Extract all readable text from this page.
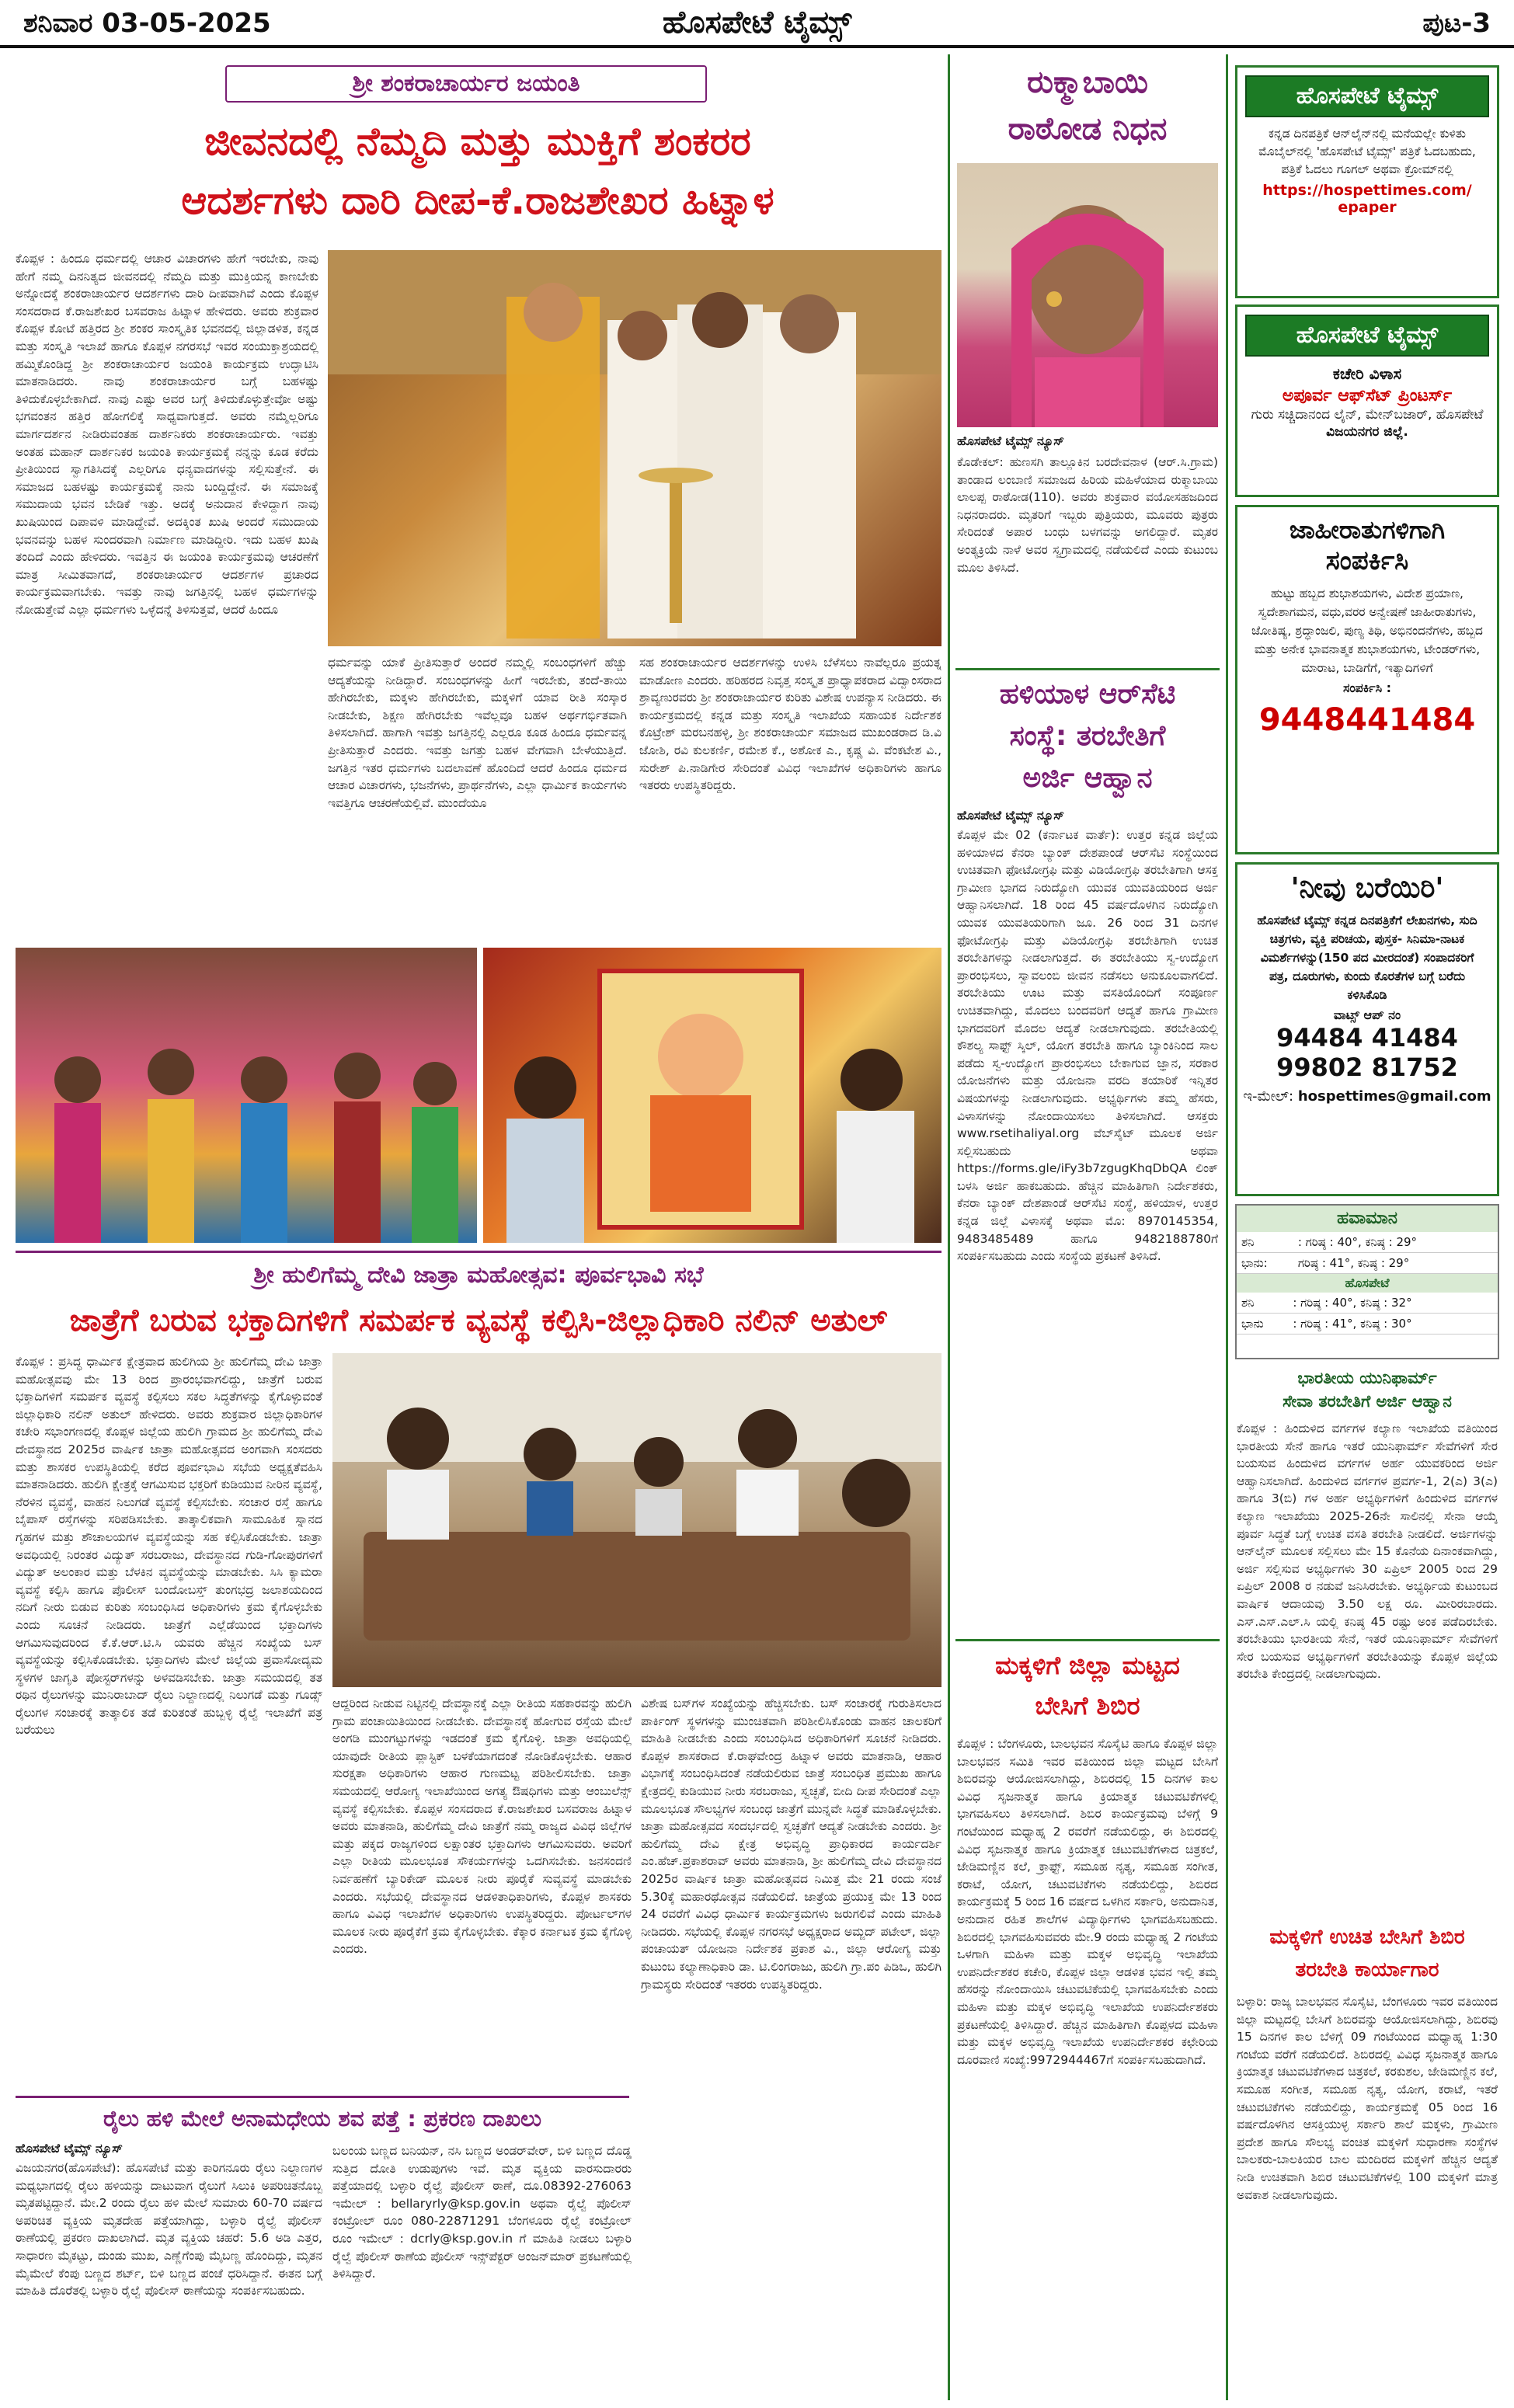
ಹೊಸಪೇಟೆ ಟೈಮ್ಸ್
ಶನಿವಾರ 03-05-2025	ಪುಟ-3
ಶ್ರೀ ಶಂಕರಾಚಾರ್ಯರ ಜಯಂತಿ
ಜೀವನದಲ್ಲಿ ನೆಮ್ಮದಿ ಮತ್ತು ಮುಕ್ತಿಗೆ ಶಂಕರರ
ಆದರ್ಶಗಳು ದಾರಿ ದೀಪ-ಕೆ.ರಾಜಶೇಖರ ಹಿಟ್ನಾಳ

ಕೊಪ್ಪಳ : ಹಿಂದೂ ಧರ್ಮದಲ್ಲಿ ಆಚಾರ ವಿಚಾರಗಳು ಹೇಗೆ ಇರಬೇಕು, ನಾವು ಹೇಗೆ ನಮ್ಮ ದಿನನಿತ್ಯದ ಜೀವನದಲ್ಲಿ ನೆಮ್ಮದಿ ಮತ್ತು ಮುಕ್ತಿಯನ್ನ ಕಾಣಬೇಕು ಅನ್ನೋದಕ್ಕೆ ಶಂಕರಾಚಾರ್ಯರ ಆದರ್ಶಗಳು ದಾರಿ ದೀಪವಾಗಿವೆ ಎಂದು ಕೊಪ್ಪಳ ಸಂಸದರಾದ ಕೆ.ರಾಜಶೇಖರ ಬಸವರಾಜ ಹಿಟ್ನಾಳ ಹೇಳಿದರು. ಅವರು ಶುಕ್ರವಾರ ಕೊಪ್ಪಳ ಕೋಟೆ ಹತ್ತಿರದ ಶ್ರೀ ಶಂಕರ ಸಾಂಸ್ಕೃತಿಕ ಭವನದಲ್ಲಿ ಜಿಲ್ಲಾಡಳಿತ, ಕನ್ನಡ ಮತ್ತು ಸಂಸ್ಕೃತಿ ಇಲಾಖೆ ಹಾಗೂ ಕೊಪ್ಪಳ ನಗರಸಭೆ ಇವರ ಸಂಯುಕ್ತಾಶ್ರಯದಲ್ಲಿ ಹಮ್ಮಿಕೊಂಡಿದ್ದ ಶ್ರೀ ಶಂಕರಾಚಾರ್ಯರ ಜಯಂತಿ ಕಾರ್ಯಕ್ರಮ ಉದ್ಘಾಟಿಸಿ ಮಾತನಾಡಿದರು. ನಾವು ಶಂಕರಾಚಾರ್ಯರ ಬಗ್ಗೆ ಬಹಳಷ್ಟು ತಿಳಿದುಕೊಳ್ಳಬೇಕಾಗಿದೆ. ನಾವು ಎಷ್ಟು ಅವರ ಬಗ್ಗೆ ತಿಳಿದುಕೊಳ್ಳುತ್ತೇವೋ ಅಷ್ಟು ಭಗವಂತನ ಹತ್ತಿರ ಹೋಗಲಿಕ್ಕೆ ಸಾಧ್ಯವಾಗುತ್ತದೆ. ಅವರು ನಮ್ಮೆಲ್ಲರಿಗೂ ಮಾರ್ಗದರ್ಶನ ನೀಡಿರುವಂತಹ ದಾರ್ಶನಿಕರು ಶಂಕರಾಚಾರ್ಯರು. ಇವತ್ತು ಅಂತಹ ಮಹಾನ್ ದಾರ್ಶನಿಕರ ಜಯಂತಿ ಕಾರ್ಯಕ್ರಮಕ್ಕೆ ನನ್ನನ್ನು ಕೂಡ ಕರೆದು ಪ್ರೀತಿಯಿಂದ ಸ್ವಾಗತಿಸಿದಕ್ಕೆ ಎಲ್ಲರಿಗೂ ಧನ್ಯವಾದಗಳನ್ನು ಸಲ್ಲಿಸುತ್ತೇನೆ. ಈ ಸಮಾಜದ ಬಹಳಷ್ಟು ಕಾರ್ಯಕ್ರಮಕ್ಕೆ ನಾನು ಬಂದ್ದಿದ್ದೇನೆ. ಈ ಸಮಾಜಕ್ಕೆ ಸಮುದಾಯ ಭವನ ಬೇಡಿಕೆ ಇತ್ತು. ಅದಕ್ಕೆ ಅನುದಾನ ಕೇಳಿದ್ದಾಗ ನಾವು ಖುಷಿಯಿಂದ ದಿಪಾವಳಿ ಮಾಡಿದ್ದೇವೆ. ಅದಕ್ಕಿಂತ ಖುಷಿ ಅಂದರೆ ಸಮುದಾಯ ಭವನವನ್ನು ಬಹಳ ಸುಂದರವಾಗಿ ನಿರ್ಮಾಣ ಮಾಡಿದ್ದೀರಿ. ಇದು ಬಹಳ ಖುಷಿ ತಂದಿದೆ ಎಂದು ಹೇಳಿದರು. ಇವತ್ತಿನ ಈ ಜಯಂತಿ ಕಾರ್ಯಕ್ರಮವು ಆಚರಣೆಗೆ ಮಾತ್ರ ಸೀಮಿತವಾಗದೆ, ಶಂಕರಾಚಾರ್ಯರ ಆದರ್ಶಗಳ ಪ್ರಚಾರದ ಕಾರ್ಯಕ್ರಮವಾಗಬೇಕು. ಇವತ್ತು ನಾವು ಜಗತ್ತಿನಲ್ಲಿ ಬಹಳ ಧರ್ಮಗಳನ್ನು ನೋಡುತ್ತೇವೆ ಎಲ್ಲಾ ಧರ್ಮಗಳು ಒಳ್ಳೆದನ್ನೆ ತಿಳಿಸುತ್ತವೆ, ಆದರೆ ಹಿಂದೂ

ಧರ್ಮವನ್ನು ಯಾಕೆ ಪ್ರೀತಿಸುತ್ತಾರೆ ಅಂದರೆ ನಮ್ಮಲ್ಲಿ ಸಂಬಂಧಗಳಿಗೆ ಹೆಚ್ಚು ಆದ್ಯತೆಯನ್ನು ನೀಡಿದ್ದಾರೆ. ಸಂಬಂಧಗಳನ್ನು ಹೀಗೆ ಇರಬೇಕು, ತಂದೆ-ತಾಯಿ ಹೇಗಿರಬೇಕು, ಮಕ್ಕಳು ಹೇಗಿರಬೇಕು, ಮಕ್ಕಳಿಗೆ ಯಾವ ರೀತಿ ಸಂಸ್ಕಾರ ನೀಡಬೇಕು, ಶಿಕ್ಷಣ ಹೇಗಿರಬೇಕು ಇವೆಲ್ಲವೂ ಬಹಳ ಅರ್ಥಗರ್ಭಿತವಾಗಿ ತಿಳಿಸಲಾಗಿದೆ. ಹಾಗಾಗಿ ಇವತ್ತು ಜಗತ್ತಿನಲ್ಲಿ ಎಲ್ಲರೂ ಕೂಡ ಹಿಂದೂ ಧರ್ಮವನ್ನ ಪ್ರೀತಿಸುತ್ತಾರೆ ಎಂದರು. ಇವತ್ತು ಜಗತ್ತು ಬಹಳ ವೇಗವಾಗಿ ಬೇಳೆಯುತ್ತಿದೆ. ಜಗತ್ತಿನ ಇತರ ಧರ್ಮಗಳು ಬದಲಾವಣೆ ಹೊಂದಿದೆ ಆದರೆ ಹಿಂದೂ ಧರ್ಮದ ಆಚಾರ ವಿಚಾರಗಳು, ಭಜನೆಗಳು, ಪ್ರಾರ್ಥನೆಗಳು, ಎಲ್ಲಾ ಧಾರ್ಮಿಕ ಕಾರ್ಯಗಳು ಇವತ್ತಿಗೂ ಆಚರಣೆಯಲ್ಲಿವೆ. ಮುಂದೆಯೂ

ಸಹ ಶಂಕರಾಚಾರ್ಯರ ಆದರ್ಶಗಳನ್ನು ಉಳಿಸಿ ಬೆಳೆಸಲು ನಾವೆಲ್ಲರೂ ಪ್ರಯತ್ನ ಮಾಡೋಣ ಎಂದರು. ಹರಿಹರದ ನಿವೃತ್ತ ಸಂಸ್ಕೃತ ಪ್ರಾಧ್ಯಾಪಕರಾದ ವಿದ್ವಾಂಸರಾದ ಶ್ರಾವ್ಯಣುರವರು ಶ್ರೀ ಶಂಕರಾಚಾರ್ಯರ ಕುರಿತು ವಿಶೇಷ ಉಪನ್ಯಾಸ ನೀಡಿದರು. ಈ ಕಾರ್ಯಕ್ರಮದಲ್ಲಿ ಕನ್ನಡ ಮತ್ತು ಸಂಸ್ಕೃತಿ ಇಲಾಖೆಯ ಸಹಾಯಕ ನಿರ್ದೇಶಕ ಕೊಟ್ರೇಶ್ ಮರಬನಹಳ್ಳಿ, ಶ್ರೀ ಶಂಕರಾಚಾರ್ಯ ಸಮಾಜದ ಮುಖಂಡರಾದ ಡಿ.ವಿ ಜೋಶಿ, ರವಿ ಕುಲಕರ್ಣಿ, ರಮೇಶ ಕೆ., ಅಶೋಕ ಎ., ಕೃಷ್ಣ ವಿ. ವೆಂಕಟೇಶ ವಿ., ಸುರೇಶ್ ಪಿ.ನಾಡಿಗೇರ ಸೇರಿದಂತೆ ವಿವಿಧ ಇಲಾಖೆಗಳ ಅಧಿಕಾರಿಗಳು ಹಾಗೂ ಇತರರು ಉಪಸ್ಥಿತರಿದ್ದರು.

ಶ್ರೀ ಹುಲಿಗೆಮ್ಮ ದೇವಿ ಜಾತ್ರಾ ಮಹೋತ್ಸವ: ಪೂರ್ವಭಾವಿ ಸಭೆ
ಜಾತ್ರೆಗೆ ಬರುವ ಭಕ್ತಾದಿಗಳಿಗೆ ಸಮರ್ಪಕ ವ್ಯವಸ್ಥೆ ಕಲ್ಪಿಸಿ-ಜಿಲ್ಲಾಧಿಕಾರಿ ನಲಿನ್ ಅತುಲ್

ಕೊಪ್ಪಳ : ಪ್ರಸಿದ್ಧ ಧಾರ್ಮಿಕ ಕ್ಷೇತ್ರವಾದ ಹುಲಿಗಿಯ ಶ್ರೀ ಹುಲಿಗೆಮ್ಮ ದೇವಿ ಜಾತ್ರಾ ಮಹೋತ್ಸವವು ಮೇ 13 ರಿಂದ ಪ್ರಾರಂಭವಾಗಲಿದ್ದು, ಜಾತ್ರೆಗೆ ಬರುವ ಭಕ್ತಾದಿಗಳಿಗೆ ಸಮರ್ಪಕ ವ್ಯವಸ್ಥೆ ಕಲ್ಪಿಸಲು ಸಕಲ ಸಿದ್ಧತೆಗಳನ್ನು ಕೈಗೊಳ್ಳುವಂತೆ ಜಿಲ್ಲಾಧಿಕಾರಿ ನಲಿನ್ ಅತುಲ್ ಹೇಳಿದರು. ಅವರು ಶುಕ್ರವಾರ ಜಿಲ್ಲಾಧಿಕಾರಿಗಳ ಕಚೇರಿ ಸಭಾಂಗಣದಲ್ಲಿ ಕೊಪ್ಪಳ ಜಿಲ್ಲೆಯ ಹುಲಿಗಿ ಗ್ರಾಮದ ಶ್ರೀ ಹುಲಿಗೆಮ್ಮ ದೇವಿ ದೇವಸ್ಥಾನದ 2025ರ ವಾರ್ಷಿಕ ಜಾತ್ರಾ ಮಹೋತ್ಸವದ ಅಂಗವಾಗಿ ಸಂಸದರು ಮತ್ತು ಶಾಸಕರ ಉಪಸ್ಥಿತಿಯಲ್ಲಿ ಕರೆದ ಪೂರ್ವಭಾವಿ ಸಭೆಯ ಅಧ್ಯಕ್ಷತೆವಹಿಸಿ ಮಾತನಾಡಿದರು. ಹುಲಿಗಿ ಕ್ಷೇತ್ರಕ್ಕೆ ಆಗಮಿಸುವ ಭಕ್ತರಿಗೆ ಕುಡಿಯುವ ನೀರಿನ ವ್ಯವಸ್ಥೆ, ನೆರಳಿನ ವ್ಯವಸ್ಥೆ, ವಾಹನ ನಿಲುಗಡೆ ವ್ಯವಸ್ಥೆ ಕಲ್ಪಿಸಬೇಕು. ಸಂಚಾರ ರಸ್ತೆ ಹಾಗೂ ಬೈಪಾಸ್ ರಸ್ತೆಗಳನ್ನು ಸರಿಪಡಿಸಬೇಕು. ತಾತ್ಕಾಲಿಕವಾಗಿ ಸಾಮೂಹಿಕ ಸ್ನಾನದ ಗೃಹಗಳ ಮತ್ತು ಶೌಚಾಲಯಗಳ ವ್ಯವಸ್ಥೆಯನ್ನು ಸಹ ಕಲ್ಪಿಸಿಕೊಡಬೇಕು. ಜಾತ್ರಾ ಅವಧಿಯಲ್ಲಿ ನಿರಂತರ ವಿದ್ಯುತ್ ಸರಬರಾಜು, ದೇವಸ್ಥಾನದ ಗುಡಿ-ಗೋಪುರಗಳಿಗೆ ವಿದ್ಯುತ್ ಅಲಂಕಾರ ಮತ್ತು ಬೆಳಕಿನ ವ್ಯವಸ್ಥೆಯನ್ನು ಮಾಡಬೇಕು. ಸಿಸಿ ಕ್ಯಾಮರಾ ವ್ಯವಸ್ಥೆ ಕಲ್ಪಿಸಿ ಹಾಗೂ ಪೊಲೀಸ್ ಬಂದೋಬಸ್ತ್ ತುಂಗಭದ್ರ ಜಲಾಶಯದಿಂದ ನದಿಗೆ ನೀರು ಬಿಡುವ ಕುರಿತು ಸಂಬಂಧಿಸಿದ ಅಧಿಕಾರಿಗಳು ಕ್ರಮ ಕೈಗೊಳ್ಳಬೇಕು ಎಂದು ಸೂಚನೆ ನೀಡಿದರು. ಜಾತ್ರೆಗೆ ಎಲ್ಲೆಡೆಯಿಂದ ಭಕ್ತಾದಿಗಳು ಆಗಮಿಸುವುದರಿಂದ ಕೆ.ಕೆ.ಆರ್.ಟಿ.ಸಿ ಯವರು ಹೆಚ್ಚಿನ ಸಂಖ್ಯೆಯ ಬಸ್ ವ್ಯವಸ್ಥೆಯನ್ನು ಕಲ್ಪಿಸಿಕೊಡಬೇಕು. ಭಕ್ತಾದಿಗಳು ಮೇಲೆ ಜಿಲ್ಲೆಯ ಪ್ರವಾಸೋದ್ಯಮ ಸ್ಥಳಗಳ ಜಾಗೃತಿ ಪೋಸ್ಟರ್‌ಗಳನ್ನು ಅಳವಡಿಸಬೇಕು. ಜಾತ್ರಾ ಸಮಯದಲ್ಲಿ ತತ ರಥಿನ ರೈಲುಗಳನ್ನು ಮುನಿರಾಬಾದ್ ರೈಲು ನಿಲ್ದಾಣದಲ್ಲಿ ನಿಲುಗಡೆ ಮತ್ತು ಗೂಡ್ಸ್ ರೈಲುಗಳ ಸಂಚಾರಕ್ಕೆ ತಾತ್ಕಾಲಿಕ ತಡೆ ಕುರಿತಂತೆ ಹುಬ್ಬಳ್ಳಿ ರೈಲ್ವೆ ಇಲಾಖೆಗೆ ಪತ್ರ ಬರೆಯಲು

ಆದ್ದರಿಂದ ನೀಡುವ ನಿಟ್ಟಿನಲ್ಲಿ ದೇವಸ್ಥಾನಕ್ಕೆ ಎಲ್ಲಾ ರೀತಿಯ ಸಹಕಾರವನ್ನು ಹುಲಿಗಿ ಗ್ರಾಮ ಪಂಚಾಯಿತಿಯಿಂದ ನೀಡಬೇಕು. ದೇವಸ್ಥಾನಕ್ಕೆ ಹೋಗುವ ರಸ್ತೆಯ ಮೇಲೆ ಅಂಗಡಿ ಮುಂಗಟ್ಟುಗಳನ್ನು ಇಡದಂತೆ ಕ್ರಮ ಕೈಗೊಳ್ಳಿ. ಜಾತ್ರಾ ಅವಧಿಯಲ್ಲಿ ಯಾವುದೇ ರೀತಿಯ ಪ್ಲಾಸ್ಟಿಕ್ ಬಳಕೆಯಾಗದಂತೆ ನೋಡಿಕೊಳ್ಳಬೇಕು. ಆಹಾರ ಸುರಕ್ಷತಾ ಅಧಿಕಾರಿಗಳು ಆಹಾರ ಗುಣಮಟ್ಟ ಪರಿಶೀಲಿಸಬೇಕು. ಜಾತ್ರಾ ಸಮಯದಲ್ಲಿ ಆರೋಗ್ಯ ಇಲಾಖೆಯಿಂದ ಅಗತ್ಯ ಔಷಧಿಗಳು ಮತ್ತು ಆಂಬುಲೆನ್ಸ್ ವ್ಯವಸ್ಥೆ ಕಲ್ಪಿಸಬೇಕು. ಕೊಪ್ಪಳ ಸಂಸದರಾದ ಕೆ.ರಾಜಶೇಖರ ಬಸವರಾಜ ಹಿಟ್ನಾಳ ಅವರು ಮಾತನಾಡಿ, ಹುಲಿಗೆಮ್ಮ ದೇವಿ ಜಾತ್ರೆಗೆ ನಮ್ಮ ರಾಜ್ಯದ ವಿವಿಧ ಜಿಲ್ಲೆಗಳ ಮತ್ತು ಪಕ್ಕದ ರಾಜ್ಯಗಳಿಂದ ಲಕ್ಷಾಂತರ ಭಕ್ತಾದಿಗಳು ಆಗಮಿಸುವರು. ಅವರಿಗೆ ಎಲ್ಲಾ ರೀತಿಯ ಮೂಲಭೂತ ಸೌಕರ್ಯಗಳನ್ನು ಒದಗಿಸಬೇಕು. ಜನಸಂದಣಿ ನಿರ್ವಹಣೆಗೆ ಬ್ಯಾರಿಕೇಡ್ ಮೂಲಕ ನೀರು ಪೂರೈಕೆ ಸುವ್ಯವಸ್ಥೆ ಮಾಡಬೇಕು ಎಂದರು. ಸಭೆಯಲ್ಲಿ ದೇವಸ್ಥಾನದ ಆಡಳಿತಾಧಿಕಾರಿಗಳು, ಕೊಪ್ಪಳ ಶಾಸಕರು ಹಾಗೂ ವಿವಿಧ ಇಲಾಖೆಗಳ ಅಧಿಕಾರಿಗಳು ಉಪಸ್ಥಿತರಿದ್ದರು. ಪೋರ್ಟಲ್‌ಗಳ ಮೂಲಕ ನೀರು ಪೂರೈಕೆಗೆ ಕ್ರಮ ಕೈಗೊಳ್ಳಬೇಕು. ಕೆಕ್ಕಾರ ಕರ್ನಾಟಕ ಕ್ರಮ ಕೈಗೊಳ್ಳಿ ಎಂದರು.

ವಿಶೇಷ ಬಸ್‌ಗಳ ಸಂಖ್ಯೆಯನ್ನು ಹೆಚ್ಚಿಸಬೇಕು. ಬಸ್ ಸಂಚಾರಕ್ಕೆ ಗುರುತಿಸಲಾದ ಪಾರ್ಕಿಂಗ್ ಸ್ಥಳಗಳನ್ನು ಮುಂಚಿತವಾಗಿ ಪರಿಶೀಲಿಸಿಕೊಂಡು ವಾಹನ ಚಾಲಕರಿಗೆ ಮಾಹಿತಿ ನೀಡಬೇಕು ಎಂದು ಸಂಬಂಧಿಸಿದ ಅಧಿಕಾರಿಗಳಿಗೆ ಸೂಚನೆ ನೀಡಿದರು. ಕೊಪ್ಪಳ ಶಾಸಕರಾದ ಕೆ.ರಾಘವೇಂದ್ರ ಹಿಟ್ನಾಳ ಅವರು ಮಾತನಾಡಿ, ಆಹಾರ ವಿಭಾಗಕ್ಕೆ ಸಂಬಂಧಿಸಿದಂತೆ ನಡೆಯಲಿರುವ ಜಾತ್ರೆ ಸಂಬಂಧಿತ ಪ್ರಮುಖ ಹಾಗೂ ಕ್ಷೇತ್ರದಲ್ಲಿ ಕುಡಿಯುವ ನೀರು ಸರಬರಾಜು, ಸ್ವಚ್ಛತೆ, ಬೀದಿ ದೀಪ ಸೇರಿದಂತೆ ಎಲ್ಲಾ ಮೂಲಭೂತ ಸೌಲಭ್ಯಗಳ ಸಂಬಂಧ ಜಾತ್ರೆಗೆ ಮುನ್ನವೇ ಸಿದ್ಧತೆ ಮಾಡಿಕೊಳ್ಳಬೇಕು. ಜಾತ್ರಾ ಮಹೋತ್ಸವದ ಸಂದರ್ಭದಲ್ಲಿ ಸ್ವಚ್ಛತೆಗೆ ಆದ್ಯತೆ ನೀಡಬೇಕು ಎಂದರು. ಶ್ರೀ ಹುಲಿಗೆಮ್ಮ ದೇವಿ ಕ್ಷೇತ್ರ ಅಭಿವೃದ್ಧಿ ಪ್ರಾಧಿಕಾರದ ಕಾರ್ಯದರ್ಶಿ ಎಂ.ಹೆಚ್.ಪ್ರಕಾಶರಾವ್ ಅವರು ಮಾತನಾಡಿ, ಶ್ರೀ ಹುಲಿಗೆಮ್ಮ ದೇವಿ ದೇವಸ್ಥಾನದ 2025ರ ವಾರ್ಷಿಕ ಜಾತ್ರಾ ಮಹೋತ್ಸವದ ನಿಮಿತ್ತ ಮೇ 21 ರಂದು ಸಂಜೆ 5.30ಕ್ಕೆ ಮಹಾರಥೋತ್ಸವ ನಡೆಯಲಿದೆ. ಜಾತ್ರೆಯ ಪ್ರಯುಕ್ತ ಮೇ 13 ರಿಂದ 24 ರವರೆಗೆ ವಿವಿಧ ಧಾರ್ಮಿಕ ಕಾರ್ಯಕ್ರಮಗಳು ಜರುಗಲಿವೆ ಎಂದು ಮಾಹಿತಿ ನೀಡಿದರು. ಸಭೆಯಲ್ಲಿ ಕೊಪ್ಪಳ ನಗರಸಭೆ ಅಧ್ಯಕ್ಷರಾದ ಅಮ್ಜದ್ ಪಟೇಲ್, ಜಿಲ್ಲಾ ಪಂಚಾಯತ್ ಯೋಜನಾ ನಿರ್ದೇಶಕ ಪ್ರಕಾಶ ವಿ., ಜಿಲ್ಲಾ ಆರೋಗ್ಯ ಮತ್ತು ಕುಟುಂಬ ಕಲ್ಯಾಣಾಧಿಕಾರಿ ಡಾ. ಟಿ.ಲಿಂಗರಾಜು, ಹುಲಿಗಿ ಗ್ರಾ.ಪಂ ಪಿಡಿಒ, ಹುಲಿಗಿ ಗ್ರಾಮಸ್ಥರು ಸೇರಿದಂತೆ ಇತರರು ಉಪಸ್ಥಿತರಿದ್ದರು.

ರೈಲು ಹಳಿ ಮೇಲೆ ಅನಾಮಧೇಯ ಶವ ಪತ್ತೆ : ಪ್ರಕರಣ ದಾಖಲು
ಹೊಸಪೇಟೆ ಟೈಮ್ಸ್ ನ್ಯೂಸ್

ವಿಜಯನಗರ(ಹೊಸಪೇಟೆ): ಹೊಸಪೇಟೆ ಮತ್ತು ಕಾರಿಗನೂರು ರೈಲು ನಿಲ್ದಾಣಗಳ ಮಧ್ಯಭಾಗದಲ್ಲಿ ರೈಲು ಹಳಿಯನ್ನು ದಾಟುವಾಗ ರೈಲುಗೆ ಸಿಲುಕಿ ಅಪರಿಚಿತನೊಬ್ಬ ಮೃತಪಟ್ಟಿದ್ದಾನೆ. ಮೇ.2 ರಂದು ರೈಲು ಹಳಿ ಮೇಲೆ ಸುಮಾರು 60-70 ವರ್ಷದ ಅಪರಿಚಿತ ವ್ಯಕ್ತಿಯ ಮೃತದೇಹ ಪತ್ತೆಯಾಗಿದ್ದು, ಬಳ್ಳಾರಿ ರೈಲ್ವೆ ಪೊಲೀಸ್ ಠಾಣೆಯಲ್ಲಿ ಪ್ರಕರಣ ದಾಖಲಾಗಿದೆ. ಮೃತ ವ್ಯಕ್ತಿಯ ಚಹರೆ: 5.6 ಅಡಿ ಎತ್ತರ, ಸಾಧಾರಣ ಮೈಕಟ್ಟು, ದುಂಡು ಮುಖ, ಎಣ್ಣೆಗೆಂಪು ಮೈಬಣ್ಣ ಹೊಂದಿದ್ದು, ಮೃತನ ಮೈಮೇಲೆ ಕೆಂಪು ಬಣ್ಣದ ಶರ್ಟ್, ಬಿಳಿ ಬಣ್ಣದ ಪಂಚೆ ಧರಿಸಿದ್ದಾನೆ. ಈತನ ಬಗ್ಗೆ ಮಾಹಿತಿ ದೊರೆತಲ್ಲಿ ಬಳ್ಳಾರಿ ರೈಲ್ವೆ ಪೊಲೀಸ್ ಠಾಣೆಯನ್ನು ಸಂಪರ್ಕಿಸಬಹುದು.

ಬಲಂಯ ಬಣ್ಣದ ಬನಿಯನ್, ನಸಿ ಬಣ್ಣದ ಅಂಡರ್‌ವೇರ್, ಬಿಳಿ ಬಣ್ಣದ ದೊಡ್ಡ ಸುತ್ತಿದ ದೋತಿ ಉಡುಪುಗಳು ಇವೆ. ಮೃತ ವ್ಯಕ್ತಿಯ ವಾರಸುದಾರರು ಪತ್ತೆಯಾದಲ್ಲಿ ಬಳ್ಳಾರಿ ರೈಲ್ವೆ ಪೊಲೀಸ್ ಠಾಣೆ, ದೂ.08392-276063 ಇಮೇಲ್ : bellaryrly@ksp.gov.in ಅಥವಾ ರೈಲ್ವೆ ಪೊಲೀಸ್ ಕಂಟ್ರೋಲ್ ರೂಂ 080-22871291 ಬೆಂಗಳೂರು ರೈಲ್ವೆ ಕಂಟ್ರೋಲ್ ರೂಂ ಇಮೇಲ್ : dcrly@ksp.gov.in ಗೆ ಮಾಹಿತಿ ನೀಡಲು ಬಳ್ಳಾರಿ ರೈಲ್ವೆ ಪೊಲೀಸ್ ಠಾಣೆಯ ಪೊಲೀಸ್ ಇನ್ಸ್‌ಪೆಕ್ಟರ್ ಅಂಜನ್‌ಮಾರ್ ಪ್ರಕಟಣೆಯಲ್ಲಿ ತಿಳಿಸಿದ್ದಾರೆ.

ರುಕ್ಮಾಬಾಯಿ
ರಾಠೋಡ ನಿಧನ
ಹೊಸಪೇಟೆ ಟೈಮ್ಸ್ ನ್ಯೂಸ್

ಕೊಡೇಕಲ್: ಹುಣಸಗಿ ತಾಲ್ಲೂಕಿನ ಬರದೇವನಾಳ (ಆರ್.ಸಿ.ಗ್ರಾಮ) ತಾಂಡಾದ ಲಂಬಾಣಿ ಸಮಾಜದ ಹಿರಿಯ ಮಹಿಳೆಯಾದ ರುಕ್ಮಾಬಾಯಿ ಲಾಲಪ್ಪ ರಾಠೋಡ(110). ಅವರು ಶುಕ್ರವಾರ ವಯೋಸಹಜದಿಂದ ನಿಧನರಾದರು. ಮೃತರಿಗೆ ಇಬ್ಬರು ಪುತ್ರಿಯರು, ಮೂವರು ಪುತ್ರರು ಸೇರಿದಂತೆ ಅಪಾರ ಬಂಧು ಬಳಗವನ್ನು ಅಗಲಿದ್ದಾರೆ. ಮೃತರ ಅಂತ್ಯಕ್ರಿಯೆ ನಾಳೆ ಅವರ ಸ್ವಗ್ರಾಮದಲ್ಲಿ ನಡೆಯಲಿದೆ ಎಂದು ಕುಟುಂಬ ಮೂಲ ತಿಳಿಸಿದೆ.

ಹಳಿಯಾಳ ಆರ್‌ಸೆಟಿ
ಸಂಸ್ಥೆ: ತರಬೇತಿಗೆ
ಅರ್ಜಿ ಆಹ್ವಾನ
ಹೊಸಪೇಟೆ ಟೈಮ್ಸ್ ನ್ಯೂಸ್

ಕೊಪ್ಪಳ ಮೇ 02 (ಕರ್ನಾಟಕ ವಾರ್ತೆ): ಉತ್ತರ ಕನ್ನಡ ಜಿಲ್ಲೆಯ ಹಳಿಯಾಳದ ಕೆನರಾ ಬ್ಯಾಂಕ್ ದೇಶಪಾಂಡೆ ಆರ್‌ಸೆಟಿ ಸಂಸ್ಥೆಯಿಂದ ಉಚಿತವಾಗಿ ಫೋಟೋಗ್ರಫಿ ಮತ್ತು ವಿಡಿಯೋಗ್ರಫಿ ತರಬೇತಿಗಾಗಿ ಆಸಕ್ತ ಗ್ರಾಮೀಣ ಭಾಗದ ನಿರುದ್ಯೋಗಿ ಯುವಕ ಯುವತಿಯರಿಂದ ಅರ್ಜಿ ಆಹ್ವಾನಿಸಲಾಗಿದೆ. 18 ರಿಂದ 45 ವರ್ಷದೊಳಗಿನ ನಿರುದ್ಯೋಗಿ ಯುವಕ ಯುವತಿಯರಿಗಾಗಿ ಜೂ. 26 ರಿಂದ 31 ದಿನಗಳ ಫೋಟೋಗ್ರಫಿ ಮತ್ತು ವಿಡಿಯೋಗ್ರಫಿ ತರಬೇತಿಗಾಗಿ ಉಚಿತ ತರಬೇತಿಗಳನ್ನು ನೀಡಲಾಗುತ್ತದೆ. ಈ ತರಬೇತಿಯು ಸ್ವ-ಉದ್ಯೋಗ ಪ್ರಾರಂಭಿಸಲು, ಸ್ವಾವಲಂಬಿ ಜೀವನ ನಡೆಸಲು ಅನುಕೂಲವಾಗಲಿದೆ. ತರಬೇತಿಯು ಊಟ ಮತ್ತು ವಸತಿಯೊಂದಿಗೆ ಸಂಪೂರ್ಣ ಉಚಿತವಾಗಿದ್ದು, ಮೊದಲು ಬಂದವರಿಗೆ ಆದ್ಯತೆ ಹಾಗೂ ಗ್ರಾಮೀಣ ಭಾಗದವರಿಗೆ ಮೊದಲ ಆದ್ಯತೆ ನೀಡಲಾಗುವುದು. ತರಬೇತಿಯಲ್ಲಿ ಕೌಶಲ್ಯ ಸಾಫ್ಟ್ ಸ್ಕಿಲ್, ಯೋಗ ತರಬೇತಿ ಹಾಗೂ ಬ್ಯಾಂಕಿನಿಂದ ಸಾಲ ಪಡೆದು ಸ್ವ-ಉದ್ಯೋಗ ಪ್ರಾರಂಭಿಸಲು ಬೇಕಾಗುವ ಜ್ಞಾನ, ಸರಕಾರ ಯೋಜನೆಗಳು ಮತ್ತು ಯೋಜನಾ ವರದಿ ತಯಾರಿಕೆ ಇನ್ನಿತರ ವಿಷಯಗಳನ್ನು ನೀಡಲಾಗುವುದು. ಅಭ್ಯರ್ಥಿಗಳು ತಮ್ಮ ಹೆಸರು, ವಿಳಾಸಗಳನ್ನು ನೋಂದಾಯಿಸಲು ತಿಳಿಸಲಾಗಿದೆ. ಆಸಕ್ತರು www.rsetihaliyal.org ವೆಬ್‌ಸೈಟ್ ಮೂಲಕ ಅರ್ಜಿ ಸಲ್ಲಿಸಬಹುದು ಅಥವಾ https://forms.gle/iFy3b7zgugKhqDbQA ಲಿಂಕ್ ಬಳಸಿ ಅರ್ಜಿ ಹಾಕಬಹುದು. ಹೆಚ್ಚಿನ ಮಾಹಿತಿಗಾಗಿ ನಿರ್ದೇಶಕರು, ಕೆನರಾ ಬ್ಯಾಂಕ್ ದೇಶಪಾಂಡೆ ಆರ್‌ಸೆಟಿ ಸಂಸ್ಥೆ, ಹಳಿಯಾಳ, ಉತ್ತರ ಕನ್ನಡ ಜಿಲ್ಲೆ ವಿಳಾಸಕ್ಕೆ ಅಥವಾ ಮೊ: 8970145354, 9483485489 ಹಾಗೂ 9482188780ಗೆ ಸಂಪರ್ಕಿಸಬಹುದು ಎಂದು ಸಂಸ್ಥೆಯ ಪ್ರಕಟಣೆ ತಿಳಿಸಿದೆ.

ಮಕ್ಕಳಿಗೆ ಜಿಲ್ಲಾ ಮಟ್ಟದ
ಬೇಸಿಗೆ ಶಿಬಿರ

ಕೊಪ್ಪಳ : ಬೆಂಗಳೂರು, ಬಾಲಭವನ ಸೊಸೈಟಿ ಹಾಗೂ ಕೊಪ್ಪಳ ಜಿಲ್ಲಾ ಬಾಲಭವನ ಸಮಿತಿ ಇವರ ವತಿಯಿಂದ ಜಿಲ್ಲಾ ಮಟ್ಟದ ಬೇಸಿಗೆ ಶಿಬಿರವನ್ನು ಆಯೋಜಿಸಲಾಗಿದ್ದು, ಶಿಬಿರದಲ್ಲಿ 15 ದಿನಗಳ ಕಾಲ ವಿವಿಧ ಸೃಜನಾತ್ಮಕ ಹಾಗೂ ಕ್ರಿಯಾತ್ಮಕ ಚಟುವಟಿಕೆಗಳಲ್ಲಿ ಭಾಗವಹಿಸಲು ತಿಳಿಸಲಾಗಿದೆ. ಶಿಬಿರ ಕಾರ್ಯಕ್ರಮವು ಬೆಳಿಗ್ಗೆ 9 ಗಂಟೆಯಿಂದ ಮಧ್ಯಾಹ್ನ 2 ರವರೆಗೆ ನಡೆಯಲಿದ್ದು, ಈ ಶಿಬಿರದಲ್ಲಿ ವಿವಿಧ ಸೃಜನಾತ್ಮಕ ಹಾಗೂ ಕ್ರಿಯಾತ್ಮಕ ಚಟುವಟಿಕೆಗಳಾದ ಚಿತ್ರಕಲೆ, ಜೇಡಿಮಣ್ಣಿನ ಕಲೆ, ಕ್ರಾಫ್ಟ್, ಸಮೂಹ ನೃತ್ಯ, ಸಮೂಹ ಸಂಗೀತ, ಕರಾಟೆ, ಯೋಗ, ಚಟುವಟಿಕೆಗಳು ನಡೆಯಲಿದ್ದು, ಶಿಬಿರದ ಕಾರ್ಯಕ್ರಮಕ್ಕೆ 5 ರಿಂದ 16 ವರ್ಷದ ಒಳಗಿನ ಸರ್ಕಾರಿ, ಅನುದಾನಿತ, ಅನುದಾನ ರಹಿತ ಶಾಲೆಗಳ ವಿದ್ಯಾರ್ಥಿಗಳು ಭಾಗವಹಿಸಬಹುದು. ಶಿಬಿರದಲ್ಲಿ ಭಾಗವಹಿಸುವವರು ಮೇ.9 ರಂದು ಮಧ್ಯಾಹ್ನ 2 ಗಂಟೆಯ ಒಳಗಾಗಿ ಮಹಿಳಾ ಮತ್ತು ಮಕ್ಕಳ ಅಭಿವೃದ್ಧಿ ಇಲಾಖೆಯ ಉಪನಿರ್ದೇಶಕರ ಕಚೇರಿ, ಕೊಪ್ಪಳ ಜಿಲ್ಲಾ ಆಡಳಿತ ಭವನ ಇಲ್ಲಿ ತಮ್ಮ ಹೆಸರನ್ನು ನೋಂದಾಯಿಸಿ ಚಟುವಟಿಕೆಯಲ್ಲಿ ಭಾಗವಹಿಸಬೇಕು ಎಂದು ಮಹಿಳಾ ಮತ್ತು ಮಕ್ಕಳ ಅಭಿವೃದ್ಧಿ ಇಲಾಖೆಯ ಉಪನಿರ್ದೇಶಕರು ಪ್ರಕಟಣೆಯಲ್ಲಿ ತಿಳಿಸಿದ್ದಾರೆ. ಹೆಚ್ಚಿನ ಮಾಹಿತಿಗಾಗಿ ಕೊಪ್ಪಳದ ಮಹಿಳಾ ಮತ್ತು ಮಕ್ಕಳ ಅಭಿವೃದ್ಧಿ ಇಲಾಖೆಯ ಉಪನಿರ್ದೇಶಕರ ಕಛೇರಿಯ ದೂರವಾಣಿ ಸಂಖ್ಯೆ:9972944467ಗೆ ಸಂಪರ್ಕಿಸಬಹುದಾಗಿದೆ.

ಹೊಸಪೇಟೆ ಟೈಮ್ಸ್
ಕನ್ನಡ ದಿನಪತ್ರಿಕೆ ಆನ್‌ಲೈನ್‌ನಲ್ಲಿ ಮನೆಯಲ್ಲೇ ಕುಳಿತು ಮೊಬೈಲ್‌ನಲ್ಲಿ 'ಹೊಸಪೇಟೆ ಟೈಮ್ಸ್' ಪತ್ರಿಕೆ ಓದಬಹುದು, ಪತ್ರಿಕೆ ಓದಲು ಗೂಗಲ್ ಅಥವಾ ಕ್ರೋಮ್‌ನಲ್ಲಿ
https://hospettimes.com/
epaper
ಹೊಸಪೇಟೆ ಟೈಮ್ಸ್
ಕಚೇರಿ ವಿಳಾಸ
ಅಪೂರ್ವ ಆಫ್‌ಸೆಟ್ ಪ್ರಿಂಟರ್ಸ್
ಗುರು ಸಚ್ಚಿದಾನಂದ ಲೈನ್, ಮೇನ್‌ಬಜಾರ್, ಹೊಸಪೇಟೆ
ವಿಜಯನಗರ ಜಿಲ್ಲೆ.
ಜಾಹೀರಾತುಗಳಿಗಾಗಿ
ಸಂಪರ್ಕಿಸಿ
ಹುಟ್ಟು ಹಬ್ಬದ ಶುಭಾಶಯಗಳು, ವಿದೇಶ ಪ್ರಯಾಣ, ಸ್ವದೇಶಾಗಮನ, ವಧು,ವರರ ಅನ್ವೇಷಣೆ ಜಾಹೀರಾತುಗಳು, ಜೋತಿಷ್ಯ, ಶ್ರದ್ಧಾಂಜಲಿ, ಪುಣ್ಯ ತಿಥಿ, ಅಭಿನಂದನೆಗಳು, ಹಬ್ಬದ ಮತ್ತು ಅನೇಕ ಭಾವನಾತ್ಮಕ ಶುಭಾಶಯಗಳು, ಟೇಂಡರ್‌ಗಳು, ಮಾರಾಟ, ಬಾಡಿಗೆಗೆ, ಇತ್ಯಾದಿಗಳಿಗೆ
ಸಂಪರ್ಕಿಸಿ :
9448441484
'ನೀವು ಬರೆಯಿರಿ'
ಹೊಸಪೇಟೆ ಟೈಮ್ಸ್ ಕನ್ನಡ ದಿನಪತ್ರಿಕೆಗೆ ಲೇಖನಗಳು, ಸುದಿ ಚಿತ್ರಗಳು, ವ್ಯಕ್ತಿ ಪರಿಚಯ, ಪುಸ್ತಕ- ಸಿನಿಮಾ-ನಾಟಕ ವಿಮರ್ಶೆಗಳನ್ನು(150 ಪದ ಮೀರದಂತೆ) ಸಂಪಾದಕರಿಗೆ ಪತ್ರ, ದೂರುಗಳು, ಕುಂದು ಕೊರತೆಗಳ ಬಗ್ಗೆ ಬರೆದು ಕಳಿಸಿಕೊಡಿ
ವಾಟ್ಸ್ ಆಪ್ ನಂ
94484 41484
99802 81752
ಇ-ಮೇಲ್: hospettimes@gmail.com
ಹವಾಮಾನ
ಶನಿ	: ಗರಿಷ್ಠ : 40°, ಕನಿಷ್ಠ : 29°
ಭಾನು:	ಗರಿಷ್ಠ : 41°, ಕನಿಷ್ಠ : 29°
ಹೊಸಪೇಟೆ
ಶನಿ	: ಗರಿಷ್ಠ : 40°, ಕನಿಷ್ಠ : 32°
ಭಾನು	: ಗರಿಷ್ಠ : 41°, ಕನಿಷ್ಠ : 30°
ಭಾರತೀಯ ಯುನಿಫಾರ್ಮ್
ಸೇವಾ ತರಬೇತಿಗೆ ಅರ್ಜಿ ಆಹ್ವಾನ

ಕೊಪ್ಪಳ : ಹಿಂದುಳಿದ ವರ್ಗಗಳ ಕಲ್ಯಾಣ ಇಲಾಖೆಯ ವತಿಯಿಂದ ಭಾರತೀಯ ಸೇನೆ ಹಾಗೂ ಇತರೆ ಯುನಿಫಾರ್ಮ್ ಸೇವೆಗಳಿಗೆ ಸೇರ ಬಯಸುವ ಹಿಂದುಳಿದ ವರ್ಗಗಳ ಅರ್ಹ ಯುವಕರಿಂದ ಅರ್ಜಿ ಆಹ್ವಾನಿಸಲಾಗಿದೆ. ಹಿಂದುಳಿದ ವರ್ಗಗಳ ಪ್ರವರ್ಗ-1, 2(ಎ) 3(ಎ) ಹಾಗೂ 3(ಬಿ) ಗಳ ಅರ್ಹ ಅಭ್ಯರ್ಥಿಗಳಿಗೆ ಹಿಂದುಳಿದ ವರ್ಗಗಳ ಕಲ್ಯಾಣ ಇಲಾಖೆಯು 2025-26ನೇ ಸಾಲಿನಲ್ಲಿ ಸೇನಾ ಆಯ್ಕೆ ಪೂರ್ವ ಸಿದ್ಧತೆ ಬಗ್ಗೆ ಉಚಿತ ವಸತಿ ತರಬೇತಿ ನೀಡಲಿದೆ. ಅರ್ಜಿಗಳನ್ನು ಆನ್‌ಲೈನ್ ಮೂಲಕ ಸಲ್ಲಿಸಲು ಮೇ 15 ಕೊನೆಯ ದಿನಾಂಕವಾಗಿದ್ದು, ಅರ್ಜಿ ಸಲ್ಲಿಸುವ ಅಭ್ಯರ್ಥಿಗಳು 30 ಏಪ್ರಿಲ್ 2005 ರಿಂದ 29 ಏಪ್ರಿಲ್ 2008 ರ ನಡುವೆ ಜನಿಸಿರಬೇಕು. ಅಭ್ಯರ್ಥಿಯ ಕುಟುಂಬದ ವಾರ್ಷಿಕ ಆದಾಯವು 3.50 ಲಕ್ಷ ರೂ. ಮೀರಿರಬಾರದು. ಎಸ್.ಎಸ್.ಎಲ್.ಸಿ ಯಲ್ಲಿ ಕನಿಷ್ಠ 45 ರಷ್ಟು ಅಂಕ ಪಡೆದಿರಬೇಕು. ತರಬೇತಿಯು ಭಾರತೀಯ ಸೇನೆ, ಇತರೆ ಯೂನಿಫಾರ್ಮ್ ಸೇವೆಗಳಿಗೆ ಸೇರ ಬಯಸುವ ಅಭ್ಯರ್ಥಿಗಳಿಗೆ ತರಬೇತಿಯನ್ನು ಕೊಪ್ಪಳ ಜಿಲ್ಲೆಯ ತರಬೇತಿ ಕೇಂದ್ರದಲ್ಲಿ ನೀಡಲಾಗುವುದು.

ಮಕ್ಕಳಿಗೆ ಉಚಿತ ಬೇಸಿಗೆ ಶಿಬಿರ
ತರಬೇತಿ ಕಾರ್ಯಾಗಾರ

ಬಳ್ಳಾರಿ: ರಾಜ್ಯ ಬಾಲಭವನ ಸೊಸೈಟಿ, ಬೆಂಗಳೂರು ಇವರ ವತಿಯಿಂದ ಜಿಲ್ಲಾ ಮಟ್ಟದಲ್ಲಿ ಬೇಸಿಗೆ ಶಿಬಿರವನ್ನು ಆಯೋಜಿಸಲಾಗಿದ್ದು, ಶಿಬಿರವು 15 ದಿನಗಳ ಕಾಲ ಬೆಳಿಗ್ಗೆ 09 ಗಂಟೆಯಿಂದ ಮಧ್ಯಾಹ್ನ 1:30 ಗಂಟೆಯ ವರೆಗೆ ನಡೆಯಲಿದೆ. ಶಿಬಿರದಲ್ಲಿ ವಿವಿಧ ಸೃಜನಾತ್ಮಕ ಹಾಗೂ ಕ್ರಿಯಾತ್ಮಕ ಚಟುವಟಿಕೆಗಳಾದ ಚಿತ್ರಕಲೆ, ಕರಕುಶಲ, ಜೇಡಿಮಣ್ಣಿನ ಕಲೆ, ಸಮೂಹ ಸಂಗೀತ, ಸಮೂಹ ನೃತ್ಯ, ಯೋಗ, ಕರಾಟೆ, ಇತರೆ ಚಟುವಟಿಕೆಗಳು ನಡೆಯಲಿದ್ದು, ಕಾರ್ಯಕ್ರಮಕ್ಕೆ 05 ರಿಂದ 16 ವರ್ಷದೊಳಗಿನ ಆಸಕ್ತಿಯುಳ್ಳ ಸರ್ಕಾರಿ ಶಾಲೆ ಮಕ್ಕಳು, ಗ್ರಾಮೀಣ ಪ್ರದೇಶ ಹಾಗೂ ಸೌಲಭ್ಯ ವಂಚಿತ ಮಕ್ಕಳಿಗೆ ಸುಧಾರಣಾ ಸಂಸ್ಥೆಗಳ ಬಾಲಕರು-ಬಾಲಕಿಯರ ಬಾಲ ಮಂದಿರದ ಮಕ್ಕಳಿಗೆ ಹೆಚ್ಚಿನ ಆದ್ಯತೆ ನೀಡಿ ಉಚಿತವಾಗಿ ಶಿಬಿರ ಚಟುವಟಿಕೆಗಳಲ್ಲಿ 100 ಮಕ್ಕಳಿಗೆ ಮಾತ್ರ ಅವಕಾಶ ನೀಡಲಾಗುವುದು.
